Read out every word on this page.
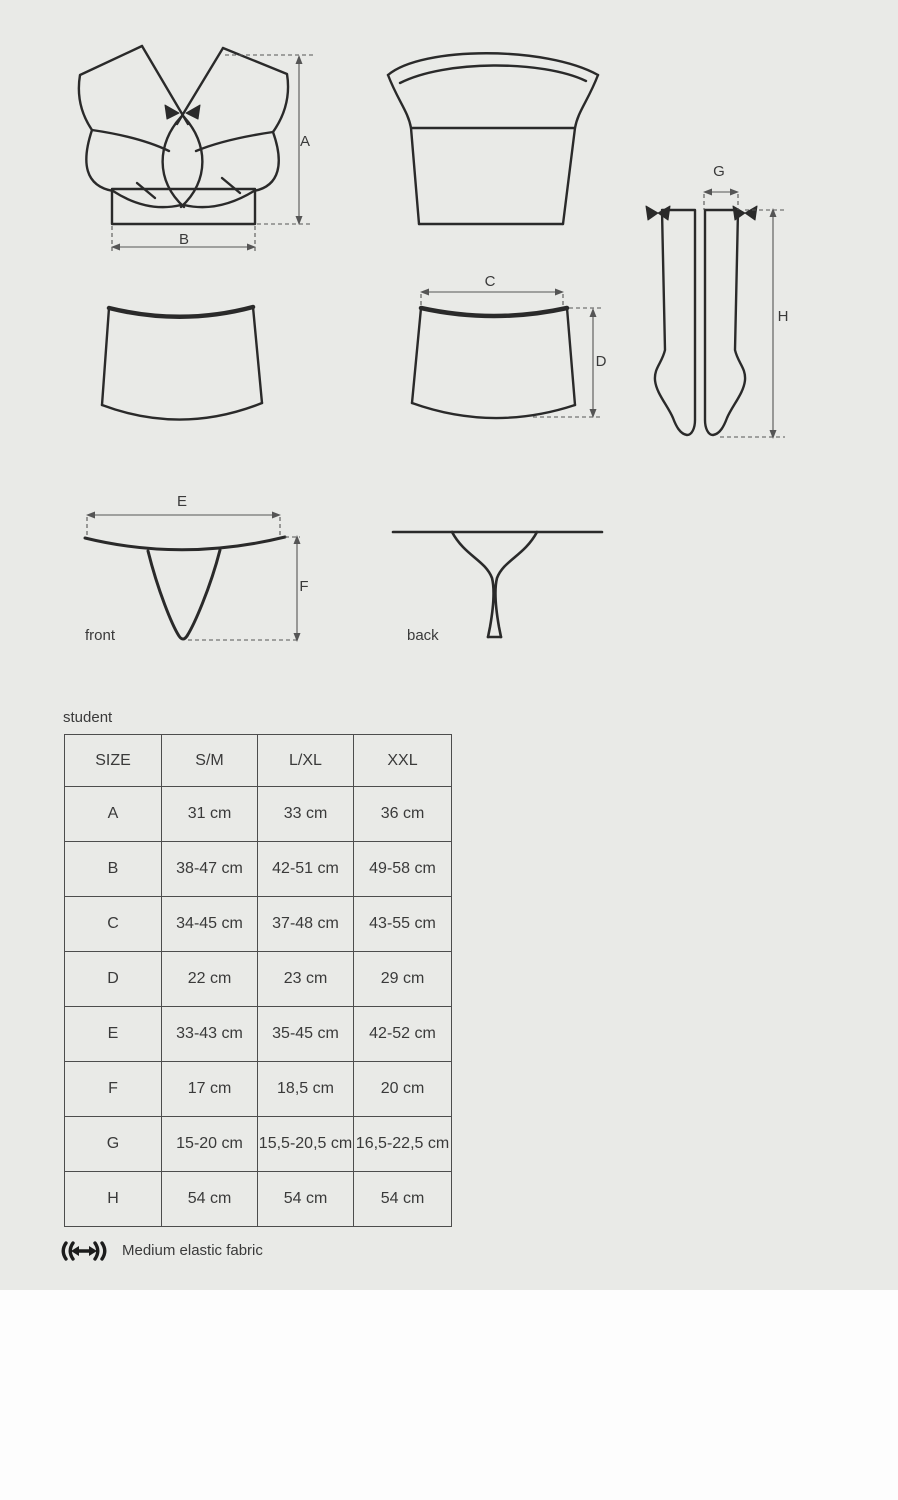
A
B
C
D
E
F
G
H
front	back
student
SIZE	S/M	L/XL	XXL
A	31 cm	33 cm	36 cm
B	38-47 cm	42-51 cm	49-58 cm
C	34-45 cm	37-48 cm	43-55 cm
D	22 cm	23 cm	29 cm
E	33-43 cm	35-45 cm	42-52 cm
F	17 cm	18,5 cm	20 cm
G	15-20 cm	15,5-20,5 cm	16,5-22,5 cm
H	54 cm	54 cm	54 cm
Medium elastic fabric
